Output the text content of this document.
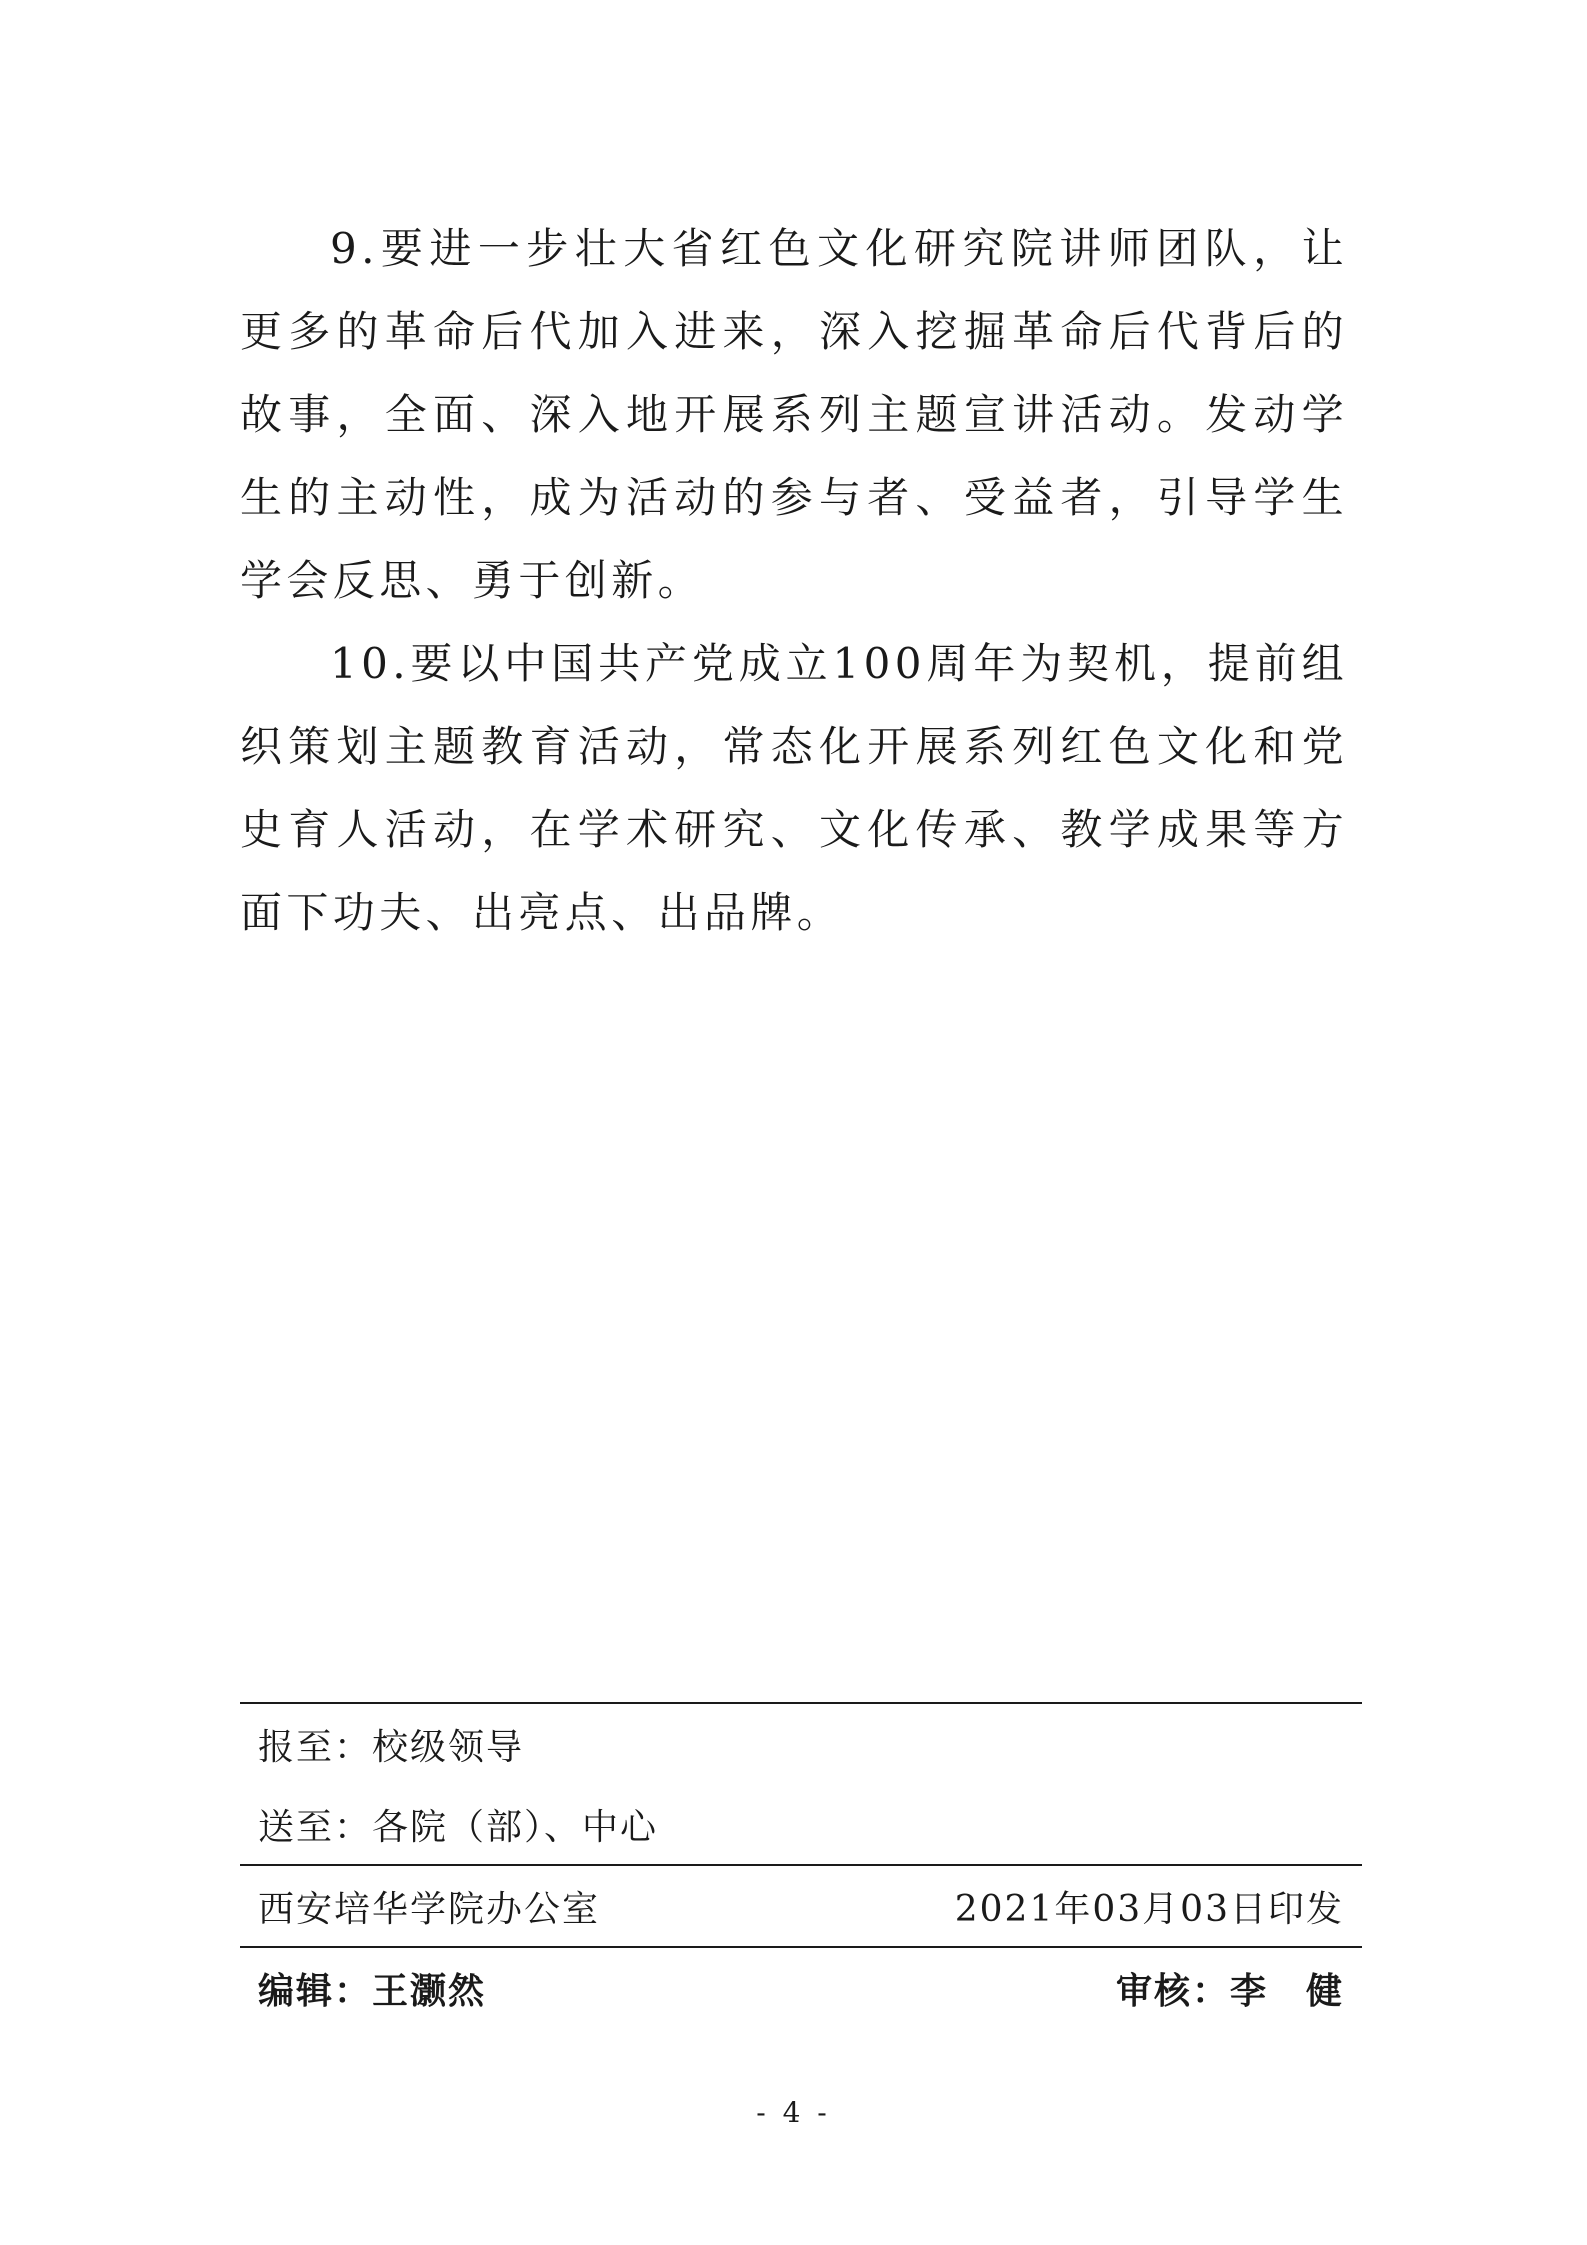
9.要进一步壮大省红色文化研究院讲师团队，让更多的革命后代加入进来，深入挖掘革命后代背后的故事，全面、深入地开展系列主题宣讲活动。发动学生的主动性，成为活动的参与者、受益者，引导学生学会反思、勇于创新。

10.要以中国共产党成立100周年为契机，提前组织策划主题教育活动，常态化开展系列红色文化和党史育人活动，在学术研究、文化传承、教学成果等方面下功夫、出亮点、出品牌。

报至：校级领导
送至：各院（部）、中心
西安培华学院办公室	2021年03月03日印发
编辑：王灏然	审核：李　健
- 4 -
